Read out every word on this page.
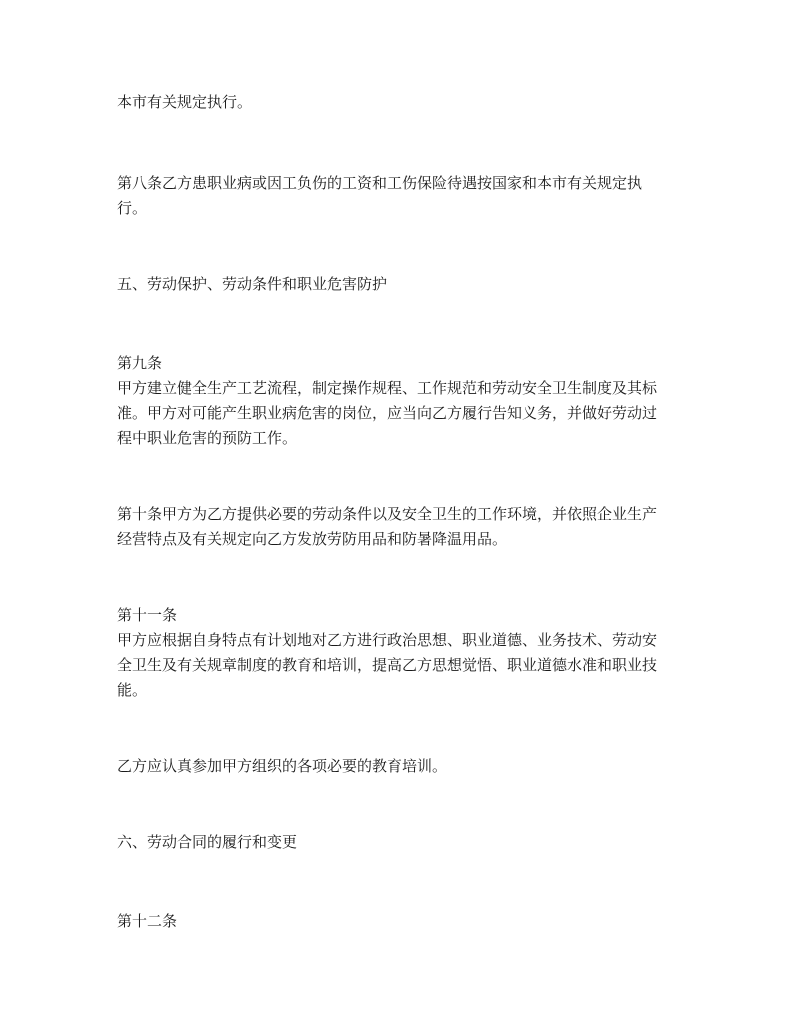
本市有关规定执行。
第八条乙方患职业病或因工负伤的工资和工伤保险待遇按国家和本市有关规定执
行。
五、劳动保护、劳动条件和职业危害防护
第九条
甲方建立健全生产工艺流程，制定操作规程、工作规范和劳动安全卫生制度及其标
准。甲方对可能产生职业病危害的岗位，应当向乙方履行告知义务，并做好劳动过
程中职业危害的预防工作。
第十条甲方为乙方提供必要的劳动条件以及安全卫生的工作环境，并依照企业生产
经营特点及有关规定向乙方发放劳防用品和防暑降温用品。
第十一条
甲方应根据自身特点有计划地对乙方进行政治思想、职业道德、业务技术、劳动安
全卫生及有关规章制度的教育和培训，提高乙方思想觉悟、职业道德水准和职业技
能。
乙方应认真参加甲方组织的各项必要的教育培训。
六、劳动合同的履行和变更
第十二条
